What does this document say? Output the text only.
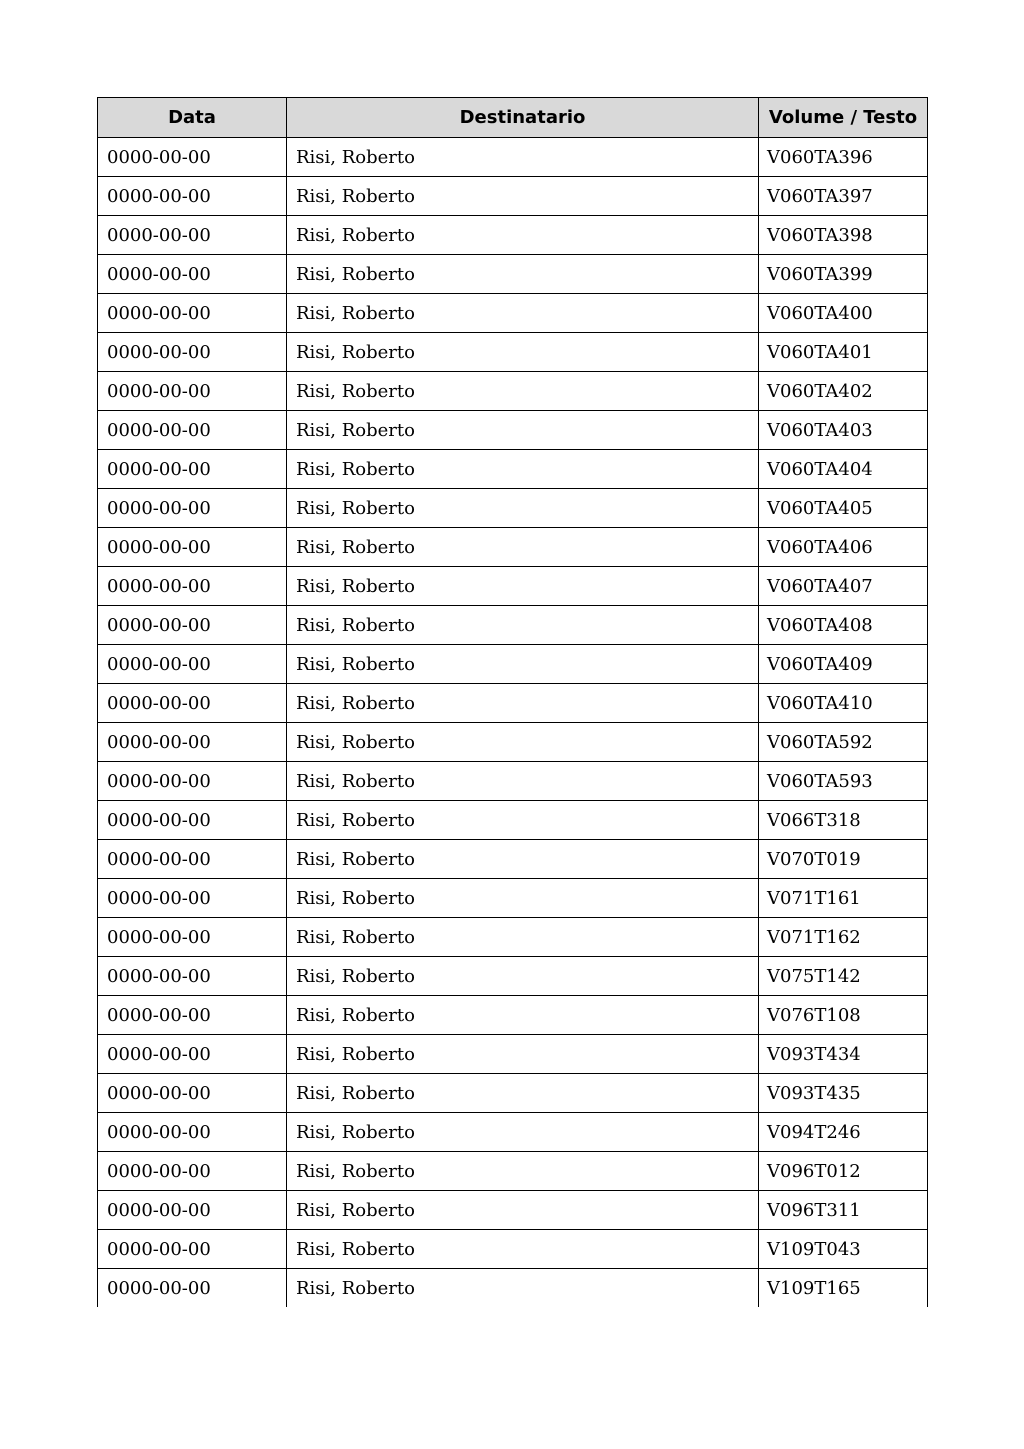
Data	Destinatario	Volume / Testo
0000-00-00	Risi, Roberto	V060TA396
0000-00-00	Risi, Roberto	V060TA397
0000-00-00	Risi, Roberto	V060TA398
0000-00-00	Risi, Roberto	V060TA399
0000-00-00	Risi, Roberto	V060TA400
0000-00-00	Risi, Roberto	V060TA401
0000-00-00	Risi, Roberto	V060TA402
0000-00-00	Risi, Roberto	V060TA403
0000-00-00	Risi, Roberto	V060TA404
0000-00-00	Risi, Roberto	V060TA405
0000-00-00	Risi, Roberto	V060TA406
0000-00-00	Risi, Roberto	V060TA407
0000-00-00	Risi, Roberto	V060TA408
0000-00-00	Risi, Roberto	V060TA409
0000-00-00	Risi, Roberto	V060TA410
0000-00-00	Risi, Roberto	V060TA592
0000-00-00	Risi, Roberto	V060TA593
0000-00-00	Risi, Roberto	V066T318
0000-00-00	Risi, Roberto	V070T019
0000-00-00	Risi, Roberto	V071T161
0000-00-00	Risi, Roberto	V071T162
0000-00-00	Risi, Roberto	V075T142
0000-00-00	Risi, Roberto	V076T108
0000-00-00	Risi, Roberto	V093T434
0000-00-00	Risi, Roberto	V093T435
0000-00-00	Risi, Roberto	V094T246
0000-00-00	Risi, Roberto	V096T012
0000-00-00	Risi, Roberto	V096T311
0000-00-00	Risi, Roberto	V109T043
0000-00-00	Risi, Roberto	V109T165
